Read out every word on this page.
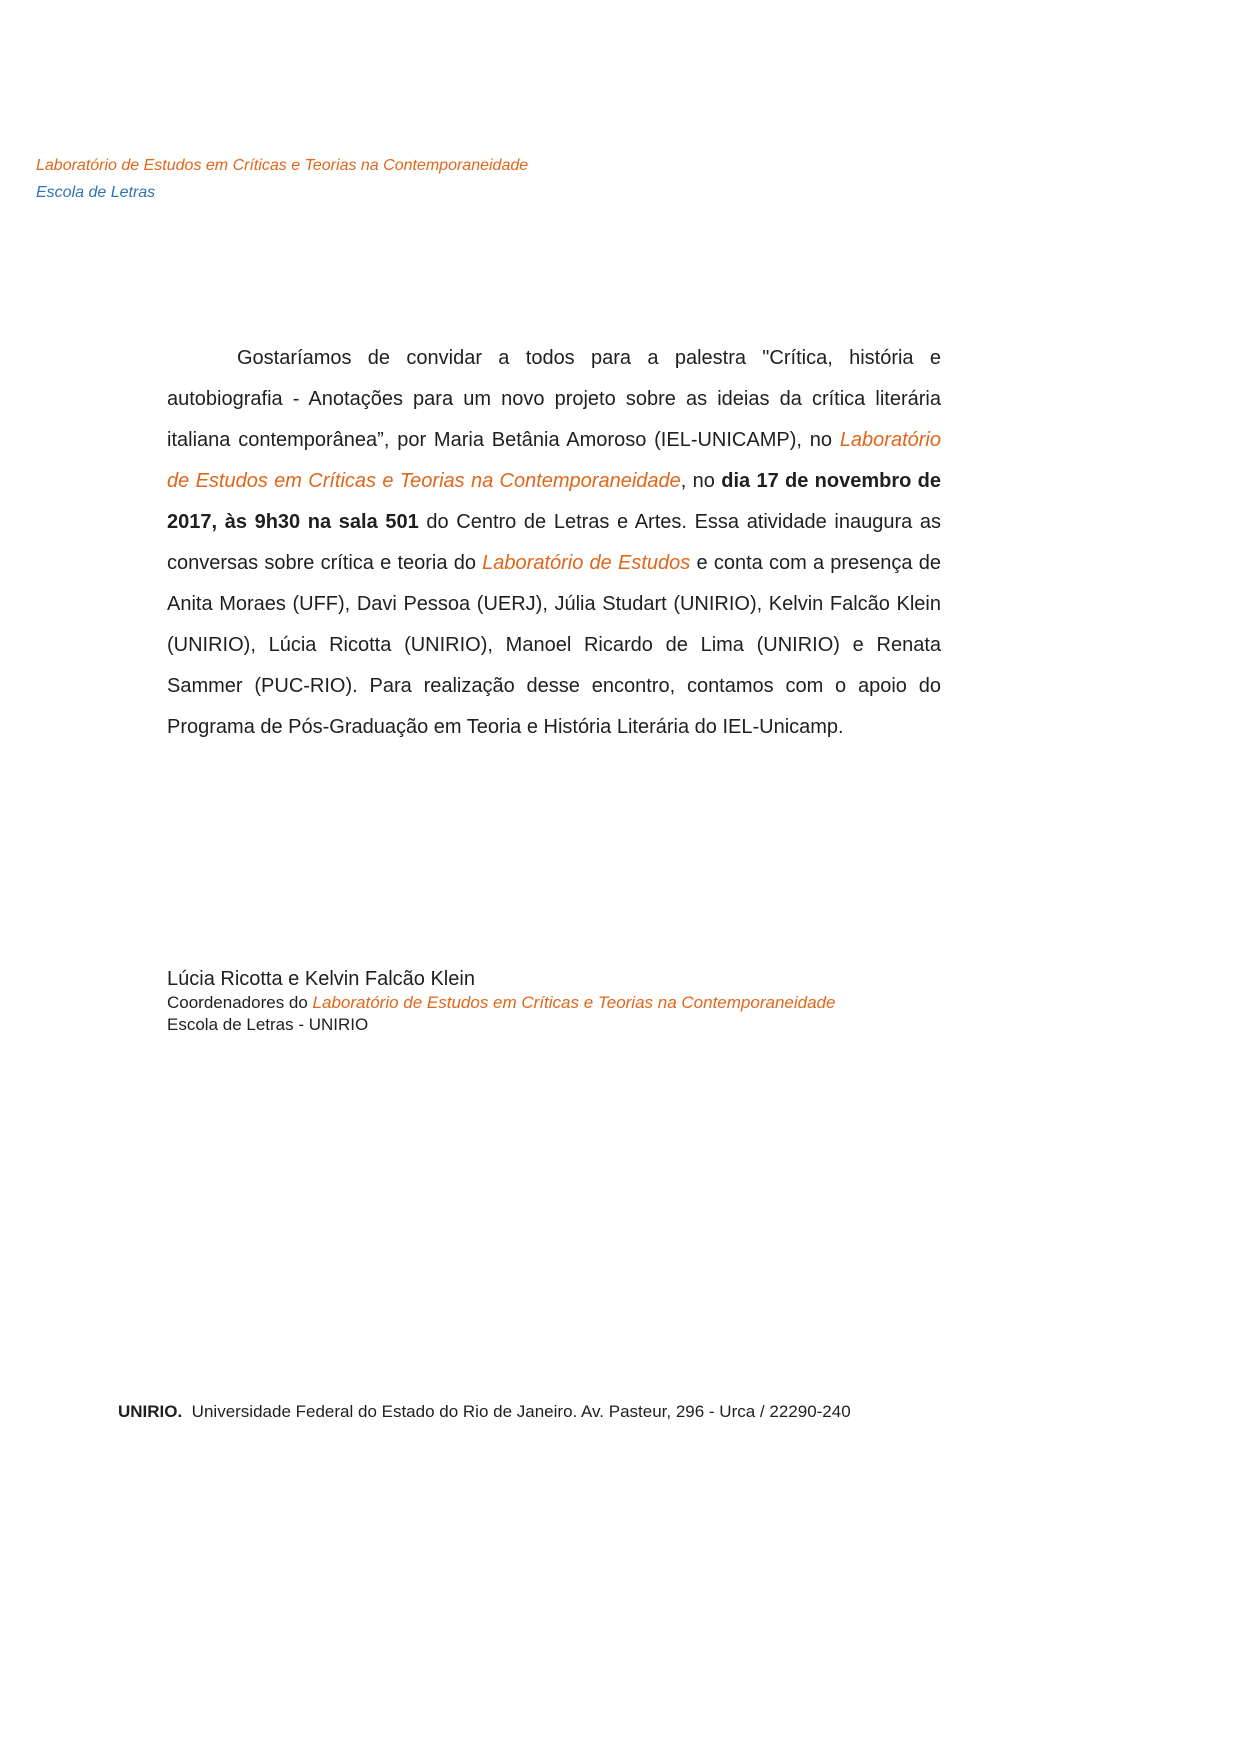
Laboratório de Estudos em Críticas e Teorias na Contemporaneidade
Escola de Letras

Gostaríamos de convidar a todos para a palestra "Crítica, história e autobiografia - Anotações para um novo projeto sobre as ideias da crítica literária italiana contemporânea”, por Maria Betânia Amoroso (IEL-UNICAMP), no Laboratório de Estudos em Críticas e Teorias na Contemporaneidade, no dia 17 de novembro de 2017, às 9h30 na sala 501 do Centro de Letras e Artes. Essa atividade inaugura as conversas sobre crítica e teoria do Laboratório de Estudos e conta com a presença de Anita Moraes (UFF), Davi Pessoa (UERJ), Júlia Studart (UNIRIO), Kelvin Falcão Klein (UNIRIO), Lúcia Ricotta (UNIRIO), Manoel Ricardo de Lima (UNIRIO) e Renata Sammer (PUC-RIO). Para realização desse encontro, contamos com o apoio do Programa de Pós-Graduação em Teoria e História Literária do IEL-Unicamp.

Lúcia Ricotta e Kelvin Falcão Klein
Coordenadores do Laboratório de Estudos em Críticas e Teorias na Contemporaneidade
Escola de Letras - UNIRIO
UNIRIO.  Universidade Federal do Estado do Rio de Janeiro. Av. Pasteur, 296 - Urca / 22290-240
